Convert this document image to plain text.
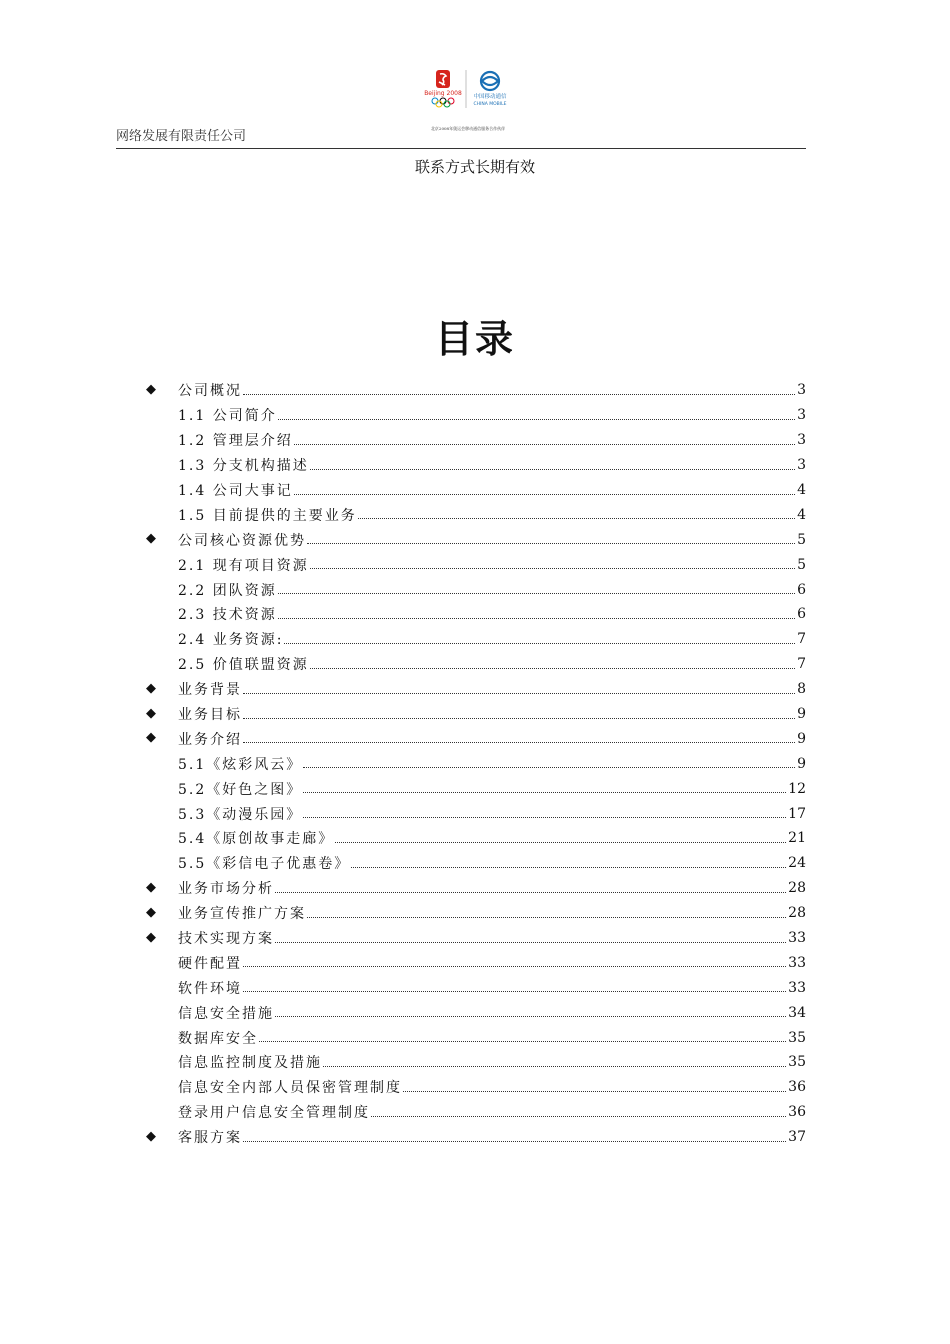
网络发展有限责任公司
Beijing 2008 中国移动通信
CHINA MOBILE
北京2008年奥运会移动通信服务合作伙伴
联系方式长期有效
目录
◆ 公司概况	3
1.1 公司简介	3
1.2 管理层介绍	3
1.3 分支机构描述	3
1.4 公司大事记	4
1.5 目前提供的主要业务	4
◆ 公司核心资源优势	5
2.1 现有项目资源	5
2.2 团队资源	6
2.3 技术资源	6
2.4 业务资源:	7
2.5 价值联盟资源	7
◆ 业务背景	8
◆ 业务目标	9
◆ 业务介绍	9
5.1《炫彩风云》	9
5.2《好色之图》	12
5.3《动漫乐园》	17
5.4《原创故事走廊》	21
5.5《彩信电子优惠卷》	24
◆ 业务市场分析	28
◆ 业务宣传推广方案	28
◆ 技术实现方案	33
硬件配置	33
软件环境	33
信息安全措施	34
数据库安全	35
信息监控制度及措施	35
信息安全内部人员保密管理制度	36
登录用户信息安全管理制度	36
◆ 客服方案	37
